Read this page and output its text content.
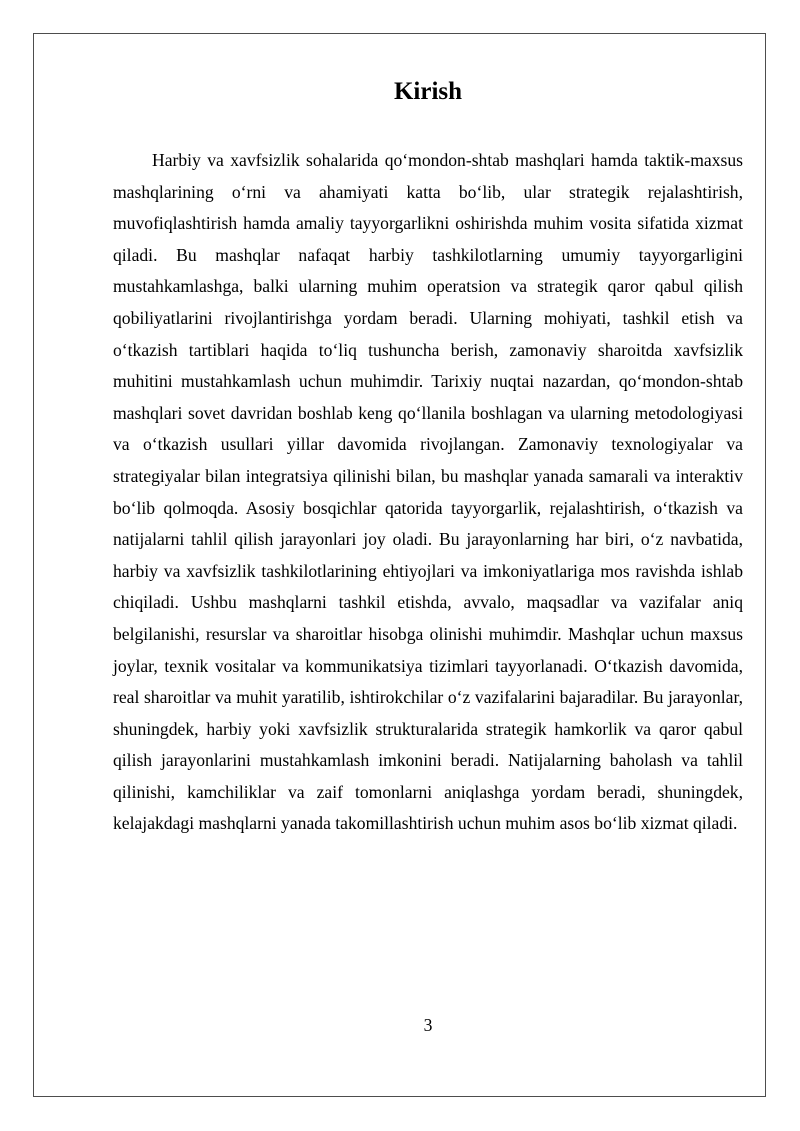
Kirish

Harbiy va xavfsizlik sohalarida qo‘mondon-shtab mashqlari hamda taktik-maxsus mashqlarining o‘rni va ahamiyati katta bo‘lib, ular strategik rejalashtirish, muvofiqlashtirish hamda amaliy tayyorgarlikni oshirishda muhim vosita sifatida xizmat qiladi. Bu mashqlar nafaqat harbiy tashkilotlarning umumiy tayyorgarligini mustahkamlashga, balki ularning muhim operatsion va strategik qaror qabul qilish qobiliyatlarini rivojlantirishga yordam beradi. Ularning mohiyati, tashkil etish va o‘tkazish tartiblari haqida to‘liq tushuncha berish, zamonaviy sharoitda xavfsizlik muhitini mustahkamlash uchun muhimdir. Tarixiy nuqtai nazardan, qo‘mondon-shtab mashqlari sovet davridan boshlab keng qo‘llanila boshlagan va ularning metodologiyasi va o‘tkazish usullari yillar davomida rivojlangan. Zamonaviy texnologiyalar va strategiyalar bilan integratsiya qilinishi bilan, bu mashqlar yanada samarali va interaktiv bo‘lib qolmoqda. Asosiy bosqichlar qatorida tayyorgarlik, rejalashtirish, o‘tkazish va natijalarni tahlil qilish jarayonlari joy oladi. Bu jarayonlarning har biri, o‘z navbatida, harbiy va xavfsizlik tashkilotlarining ehtiyojlari va imkoniyatlariga mos ravishda ishlab chiqiladi. Ushbu mashqlarni tashkil etishda, avvalo, maqsadlar va vazifalar aniq belgilanishi, resurslar va sharoitlar hisobga olinishi muhimdir. Mashqlar uchun maxsus joylar, texnik vositalar va kommunikatsiya tizimlari tayyorlanadi. O‘tkazish davomida, real sharoitlar va muhit yaratilib, ishtirokchilar o‘z vazifalarini bajaradilar. Bu jarayonlar, shuningdek, harbiy yoki xavfsizlik strukturalarida strategik hamkorlik va qaror qabul qilish jarayonlarini mustahkamlash imkonini beradi. Natijalarning baholash va tahlil qilinishi, kamchiliklar va zaif tomonlarni aniqlashga yordam beradi, shuningdek, kelajakdagi mashqlarni yanada takomillashtirish uchun muhim asos bo‘lib xizmat qiladi.

3
